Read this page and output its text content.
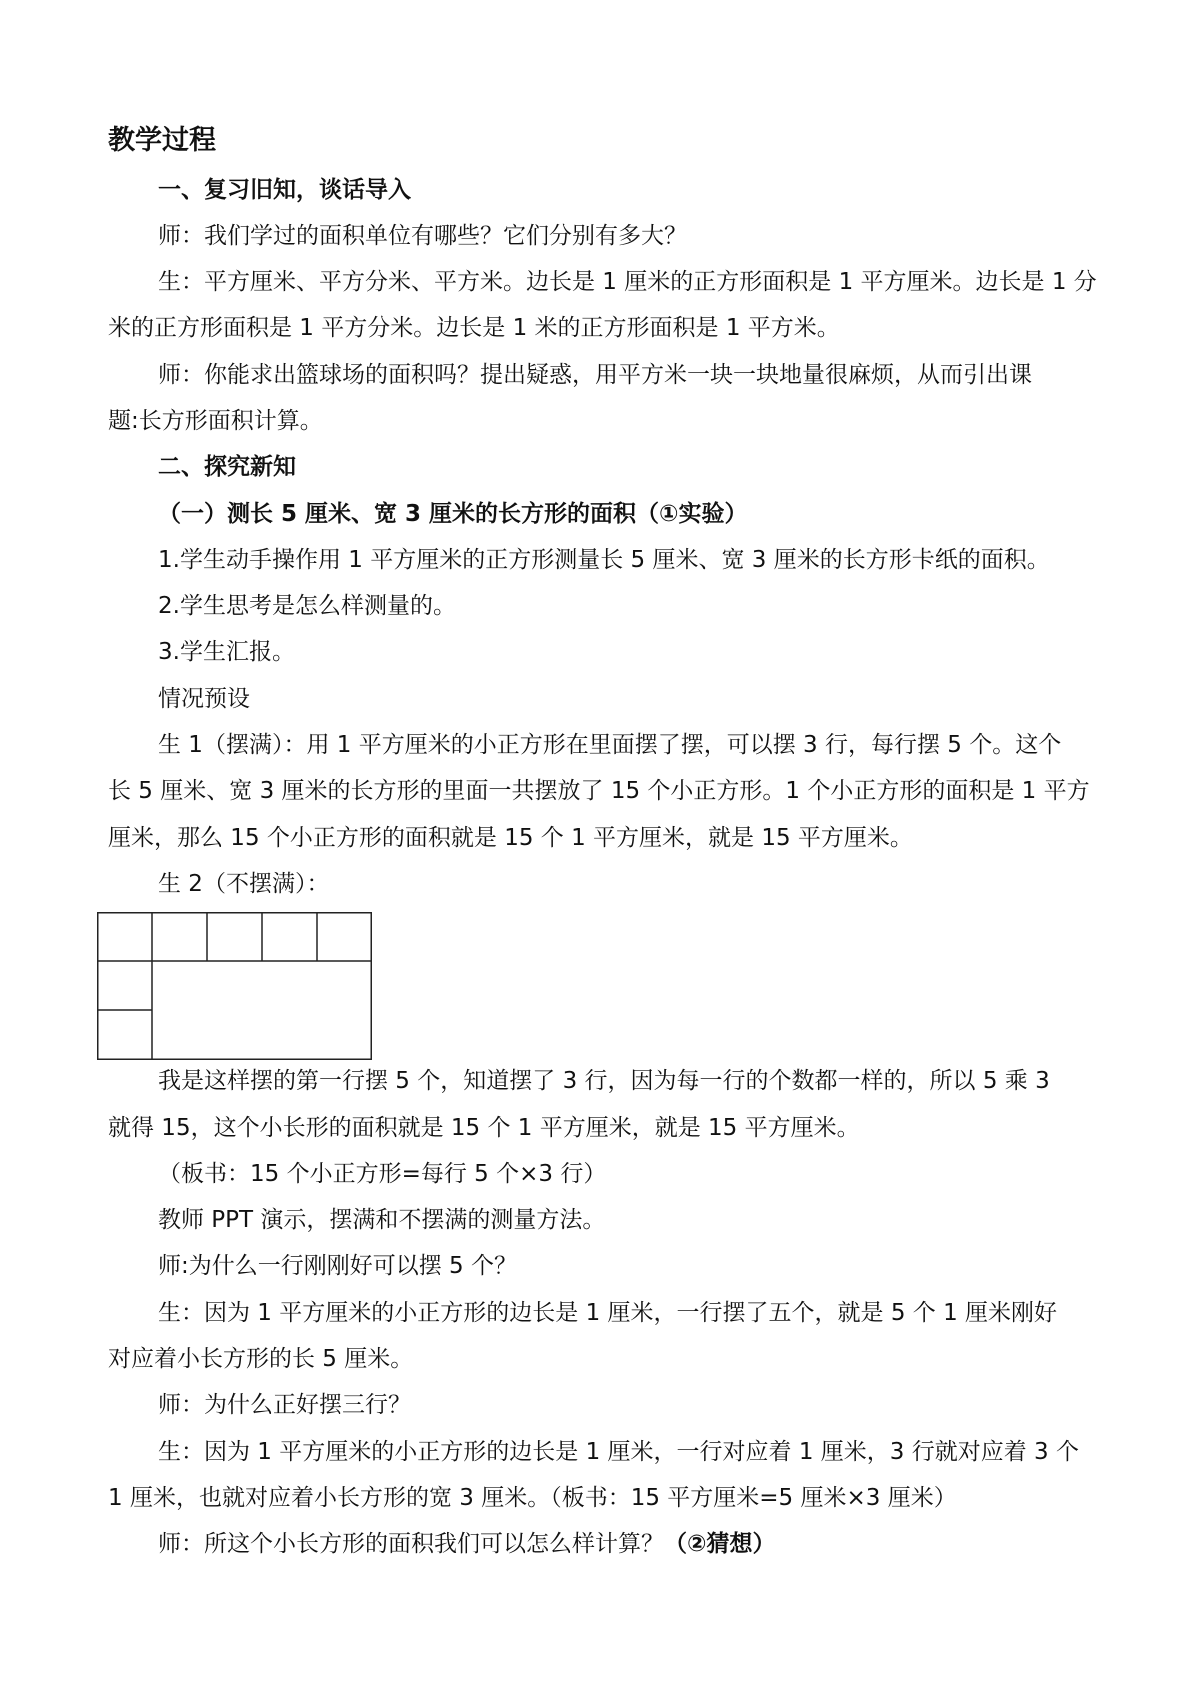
教学过程
一、复习旧知，谈话导入
师：我们学过的面积单位有哪些？它们分别有多大？
生：平方厘米、平方分米、平方米。边长是 1 厘米的正方形面积是 1 平方厘米。边长是 1 分
米的正方形面积是 1 平方分米。边长是 1 米的正方形面积是 1 平方米。
师：你能求出篮球场的面积吗？提出疑惑，用平方米一块一块地量很麻烦，从而引出课
题:长方形面积计算。
二、探究新知
（一）测长 5 厘米、宽 3 厘米的长方形的面积（①实验）
1.学生动手操作用 1 平方厘米的正方形测量长 5 厘米、宽 3 厘米的长方形卡纸的面积。
2.学生思考是怎么样测量的。
3.学生汇报。
情况预设
生 1（摆满）：用 1 平方厘米的小正方形在里面摆了摆，可以摆 3 行，每行摆 5 个。这个
长 5 厘米、宽 3 厘米的长方形的里面一共摆放了 15 个小正方形。1 个小正方形的面积是 1 平方
厘米，那么 15 个小正方形的面积就是 15 个 1 平方厘米，就是 15 平方厘米。
生 2（不摆满）：
我是这样摆的第一行摆 5 个，知道摆了 3 行，因为每一行的个数都一样的，所以 5 乘 3
就得 15，这个小长形的面积就是 15 个 1 平方厘米，就是 15 平方厘米。
（板书：15 个小正方形=每行 5 个×3 行）
教师 PPT 演示，摆满和不摆满的测量方法。
师:为什么一行刚刚好可以摆 5 个？
生：因为 1 平方厘米的小正方形的边长是 1 厘米，一行摆了五个，就是 5 个 1 厘米刚好
对应着小长方形的长 5 厘米。
师：为什么正好摆三行？
生：因为 1 平方厘米的小正方形的边长是 1 厘米，一行对应着 1 厘米，3 行就对应着 3 个
1 厘米，也就对应着小长方形的宽 3 厘米。（板书：15 平方厘米=5 厘米×3 厘米）
师：所这个小长方形的面积我们可以怎么样计算？（②猜想）
